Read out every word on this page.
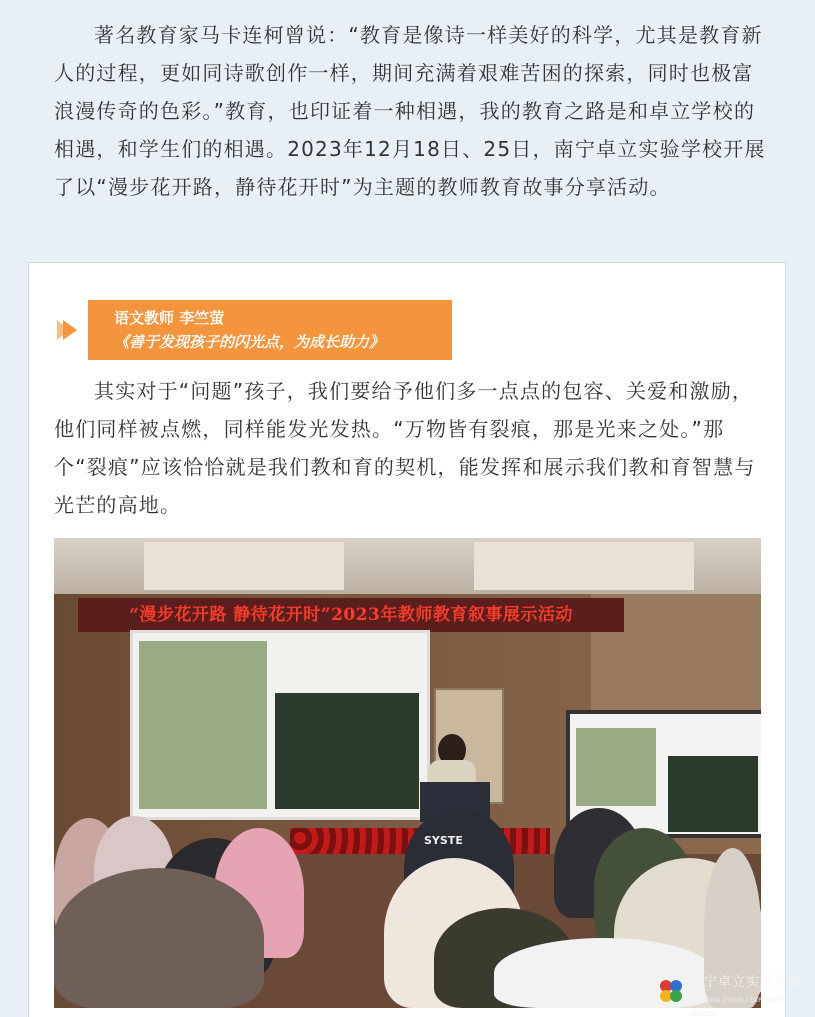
著名教育家马卡连柯曾说：“教育是像诗一样美好的科学，尤其是教育新人的过程，更如同诗歌创作一样，期间充满着艰难苦困的探索，同时也极富浪漫传奇的色彩。”教育，也印证着一种相遇，我的教育之路是和卓立学校的相遇，和学生们的相遇。2023年12月18日、25日，南宁卓立实验学校开展了以“漫步花开路，静待花开时”为主题的教师教育故事分享活动。
语文教师 李竺萤
《善于发现孩子的闪光点，为成长助力》
其实对于“问题”孩子，我们要给予他们多一点点的包容、关爱和激励，他们同样被点燃，同样能发光发热。“万物皆有裂痕，那是光来之处。”那个“裂痕”应该恰恰就是我们教和育的契机，能发挥和展示我们教和育智慧与光芒的高地。
“漫步花开路 静待花开时”2023年教师教育叙事展示活动
SYSTE
南宁卓立实验学校
NANNING ZHUOLI EXPERIMENTAL SCHOOL
